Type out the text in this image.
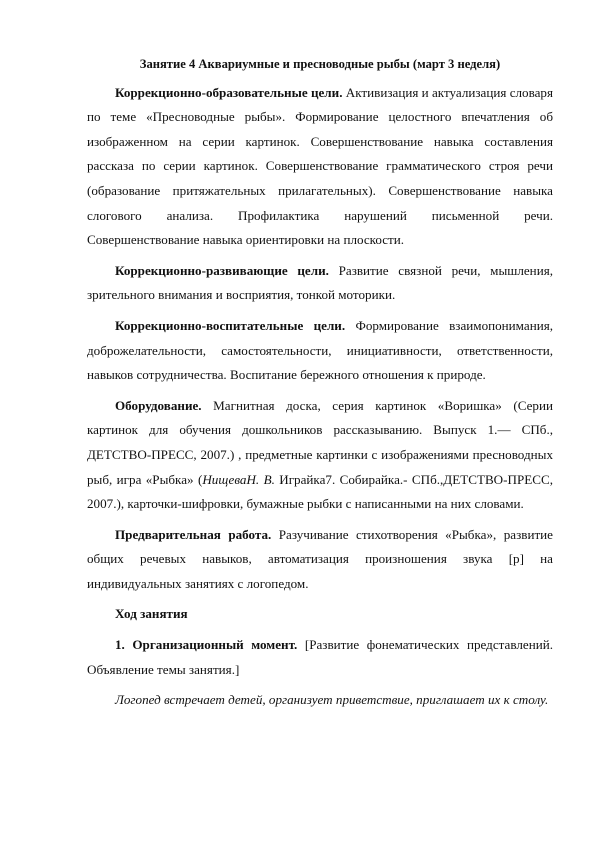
Занятие 4 Аквариумные и пресноводные рыбы (март 3 неделя)

Коррекционно-образовательные цели. Активизация и актуализация словаря по теме «Пресноводные рыбы». Формирование целостного впечатления об изображенном на серии картинок. Совершенствование навыка составления рассказа по серии картинок. Совершенствование грамматического строя речи (образование притяжательных прилагательных). Совершенствование навыка слогового анализа. Профилактика нарушений письменной речи. Совершенствование навыка ориентировки на плоскости.

Коррекционно-развивающие цели. Развитие связной речи, мышления, зрительного внимания и восприятия, тонкой моторики.

Коррекционно-воспитательные цели. Формирование взаимопонимания, доброжелательности, самостоятельности, инициативности, ответственности, навыков сотрудничества. Воспитание бережного отношения к природе.

Оборудование. Магнитная доска, серия картинок «Воришка» (Серии картинок для обучения дошкольников рассказыванию. Выпуск 1.— СПб., ДЕТСТВО-ПРЕСС, 2007.) , предметные картинки с изображениями пресноводных рыб, игра «Рыбка» (НищеваН. В. Играйка7. Собирайка.- СПб.,ДЕТСТВО-ПРЕСС, 2007.), карточки-шифровки, бумажные рыбки с написанными на них словами.

Предварительная работа. Разучивание стихотворения «Рыбка», развитие общих речевых навыков, автоматизация произношения звука [р] на индивидуальных занятиях с логопедом.

Ход занятия

1. Организационный момент. [Развитие фонематических представлений. Объявление темы занятия.]

Логопед встречает детей, организует приветствие, приглашает их к столу.
